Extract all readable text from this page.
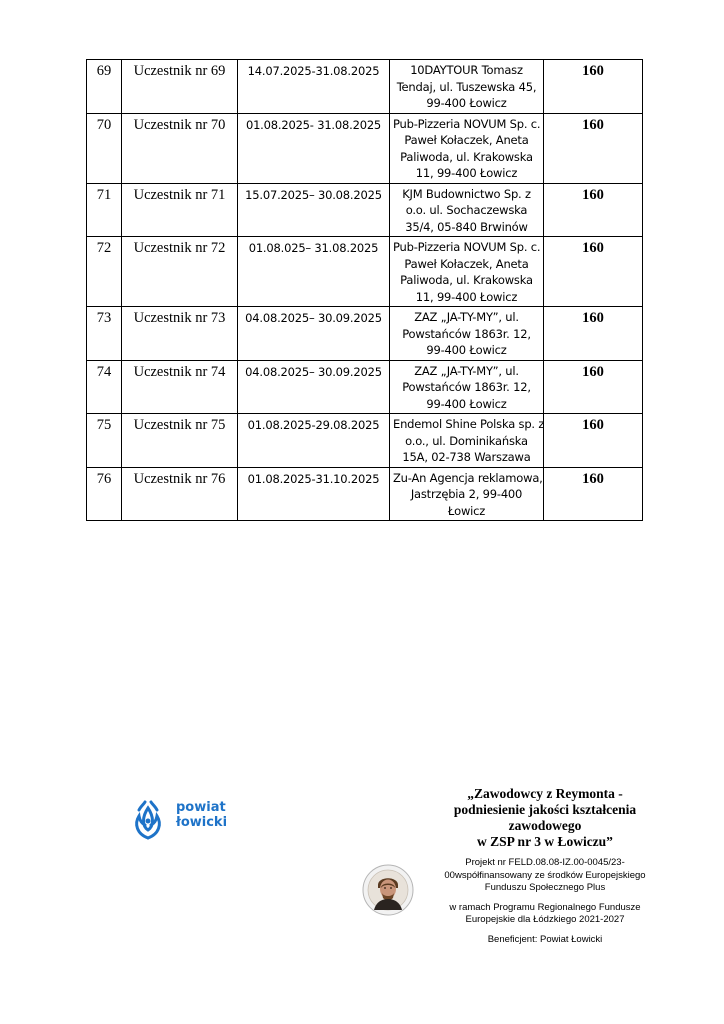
69	Uczestnik nr 69	14.07.2025-31.08.2025	10DAYTOUR Tomasz
Tendaj, ul. Tuszewska 45,
99-400 Łowicz	160
70	Uczestnik nr 70	01.08.2025- 31.08.2025	Pub-Pizzeria NOVUM Sp. c.
Paweł Kołaczek, Aneta
Paliwoda, ul. Krakowska
11, 99-400 Łowicz	160
71	Uczestnik nr 71	15.07.2025– 30.08.2025	KJM Budownictwo Sp. z
o.o. ul. Sochaczewska
35/4, 05-840 Brwinów	160
72	Uczestnik nr 72	01.08.025– 31.08.2025	Pub-Pizzeria NOVUM Sp. c.
Paweł Kołaczek, Aneta
Paliwoda, ul. Krakowska
11, 99-400 Łowicz	160
73	Uczestnik nr 73	04.08.2025– 30.09.2025	ZAZ „JA-TY-MY”, ul.
Powstańców 1863r. 12,
99-400 Łowicz	160
74	Uczestnik nr 74	04.08.2025– 30.09.2025	ZAZ „JA-TY-MY”, ul.
Powstańców 1863r. 12,
99-400 Łowicz	160
75	Uczestnik nr 75	01.08.2025-29.08.2025	Endemol Shine Polska sp. z
o.o., ul. Dominikańska
15A, 02-738 Warszawa	160
76	Uczestnik nr 76	01.08.2025-31.10.2025	Zu-An Agencja reklamowa,
Jastrzębia 2, 99-400
Łowicz	160
powiat
łowicki
„Zawodowcy z Reymonta -
podniesienie jakości kształcenia
zawodowego
w ZSP nr 3 w Łowiczu”
Projekt nr FELD.08.08-IZ.00-0045/23-
00współfinansowany ze środków Europejskiego
Funduszu Społecznego Plus
w ramach Programu Regionalnego Fundusze
Europejskie dla Łódzkiego 2021-2027
Beneficjent: Powiat Łowicki
